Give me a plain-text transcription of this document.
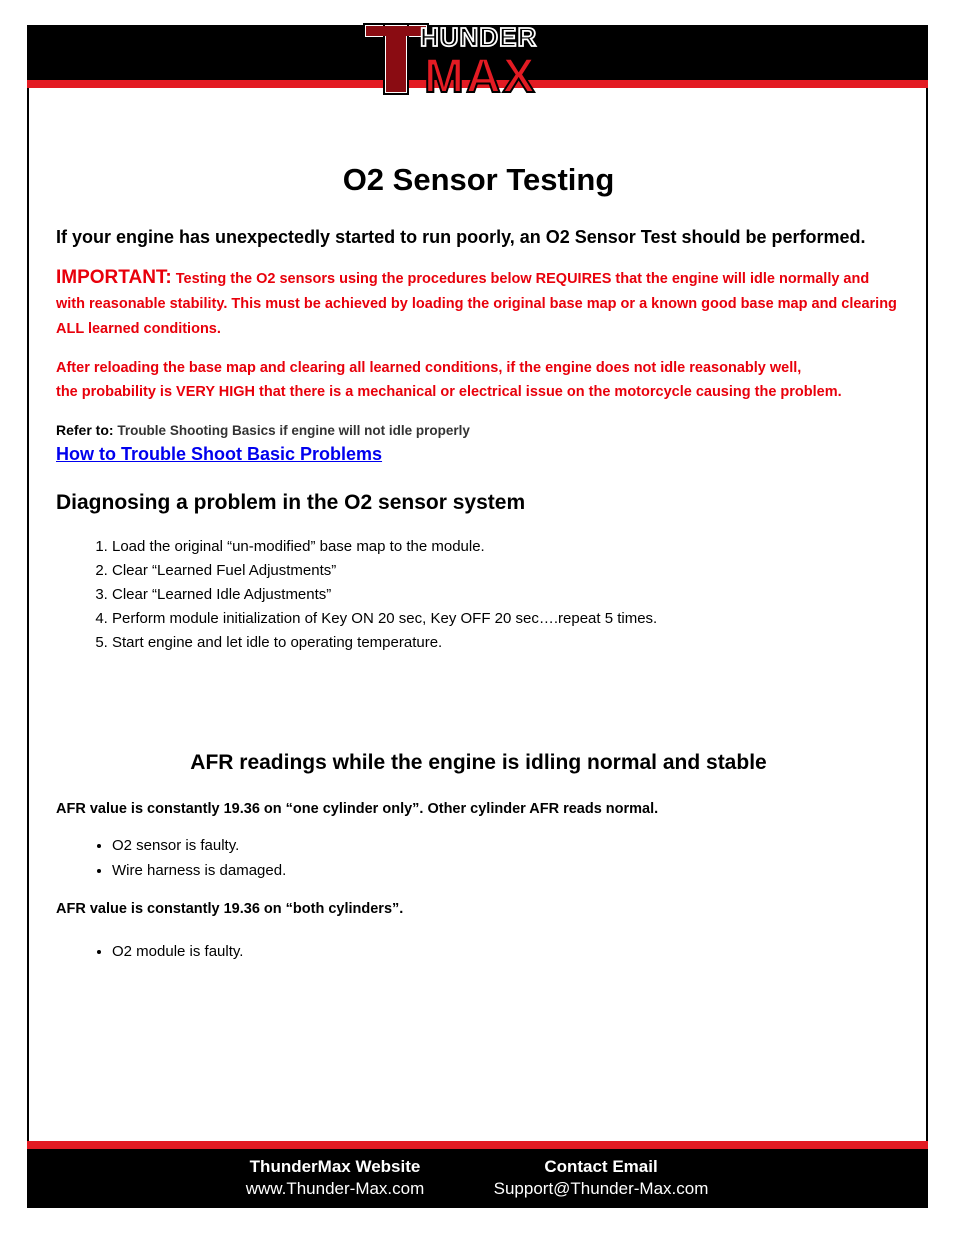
HUNDER
MAX
T
O2 Sensor Testing

If your engine has unexpectedly started to run poorly, an O2 Sensor Test should be performed.

IMPORTANT: Testing the O2 sensors using the procedures below REQUIRES that the engine will idle normally and with reasonable stability. This must be achieved by loading the original base map or a known good base map and clearing ALL learned conditions.
After reloading the base map and clearing all learned conditions, if the engine does not idle reasonably well,
the probability is VERY HIGH that there is a mechanical or electrical issue on the motorcycle causing the problem.
Refer to: Trouble Shooting Basics if engine will not idle properly
How to Trouble Shoot Basic Problems
Diagnosing a problem in the O2 sensor system
1. Load the original “un-modified” base map to the module.
2. Clear “Learned Fuel Adjustments”
3. Clear “Learned Idle Adjustments”
4. Perform module initialization of Key ON 20 sec, Key OFF 20 sec….repeat 5 times.
5. Start engine and let idle to operating temperature.
AFR readings while the engine is idling normal and stable
AFR value is constantly 19.36 on “one cylinder only”. Other cylinder AFR reads normal.
• O2 sensor is faulty.
• Wire harness is damaged.
AFR value is constantly 19.36 on “both cylinders”.
• O2 module is faulty.
ThunderMax Website
www.Thunder-Max.com
Contact Email
Support@Thunder-Max.com
